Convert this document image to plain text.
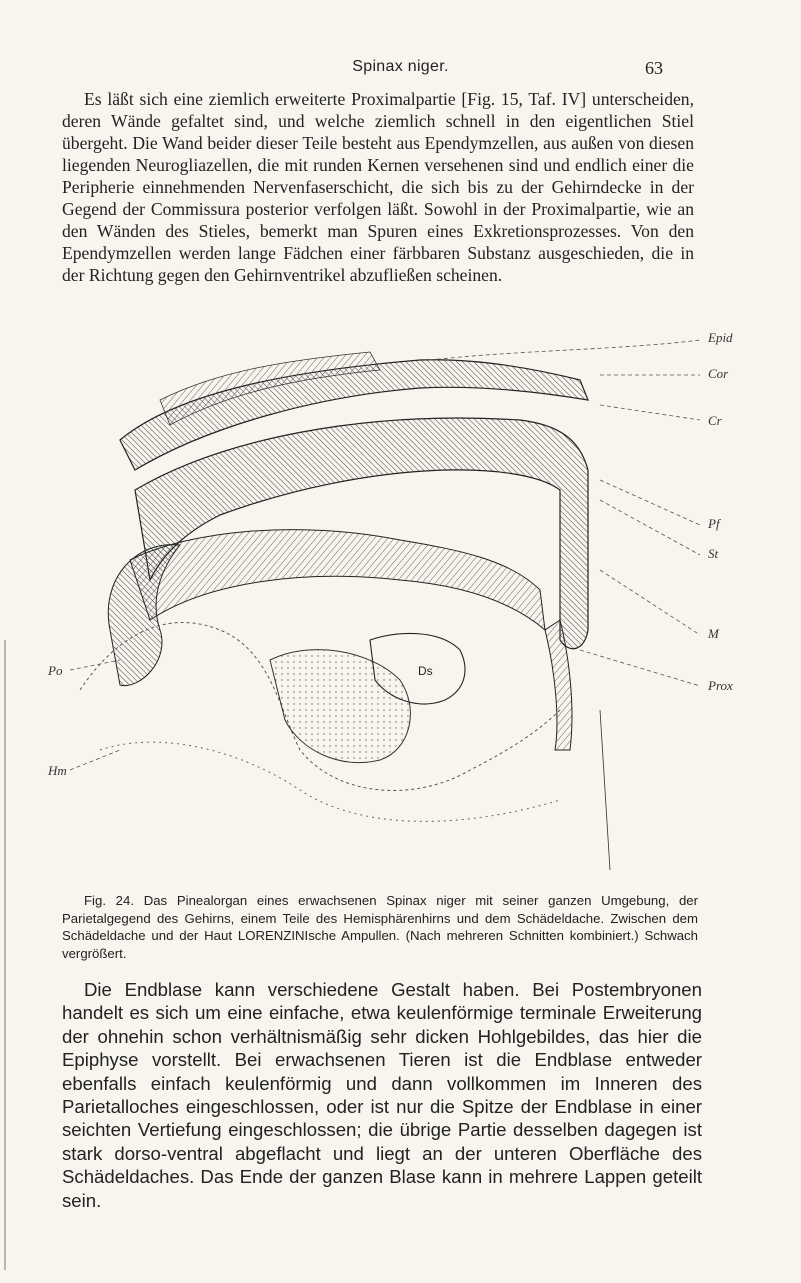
Spinax niger.	63
Es läßt sich eine ziemlich erweiterte Proximalpartie [Fig. 15, Taf. IV] unterscheiden, deren Wände gefaltet sind, und welche ziemlich schnell in den eigentlichen Stiel übergeht. Die Wand beider dieser Teile besteht aus Ependymzellen, aus außen von diesen liegenden Neurogliazellen, die mit runden Kernen versehenen sind und endlich einer die Peripherie einnehmenden Nervenfaserschicht, die sich bis zu der Gehirndecke in der Gegend der Commissura posterior verfolgen läßt. Sowohl in der Proximalpartie, wie an den Wänden des Stieles, bemerkt man Spuren eines Exkretionsprozesses. Von den Ependymzellen werden lange Fädchen einer färbbaren Substanz ausgeschieden, die in der Richtung gegen den Gehirnventrikel abzufließen scheinen.
Epid
Cor
Cr
Pf
St
M
Prox
Po
Hm
Ds
Fig. 24. Das Pinealorgan eines erwachsenen Spinax niger mit seiner ganzen Umgebung, der Parietalgegend des Gehirns, einem Teile des Hemisphärenhirns und dem Schädeldache. Zwischen dem Schädeldache und der Haut LORENZINIsche Ampullen. (Nach mehreren Schnitten kombiniert.) Schwach vergrößert.
Die Endblase kann verschiedene Gestalt haben. Bei Postembryonen handelt es sich um eine einfache, etwa keulenförmige terminale Erweiterung der ohnehin schon verhältnismäßig sehr dicken Hohlgebildes, das hier die Epiphyse vorstellt. Bei erwachsenen Tieren ist die Endblase entweder ebenfalls einfach keulenförmig und dann vollkommen im Inneren des Parietalloches eingeschlossen, oder ist nur die Spitze der Endblase in einer seichten Vertiefung eingeschlossen; die übrige Partie desselben dagegen ist stark dorso-ventral abgeflacht und liegt an der unteren Oberfläche des Schädeldaches. Das Ende der ganzen Blase kann in mehrere Lappen geteilt sein.
